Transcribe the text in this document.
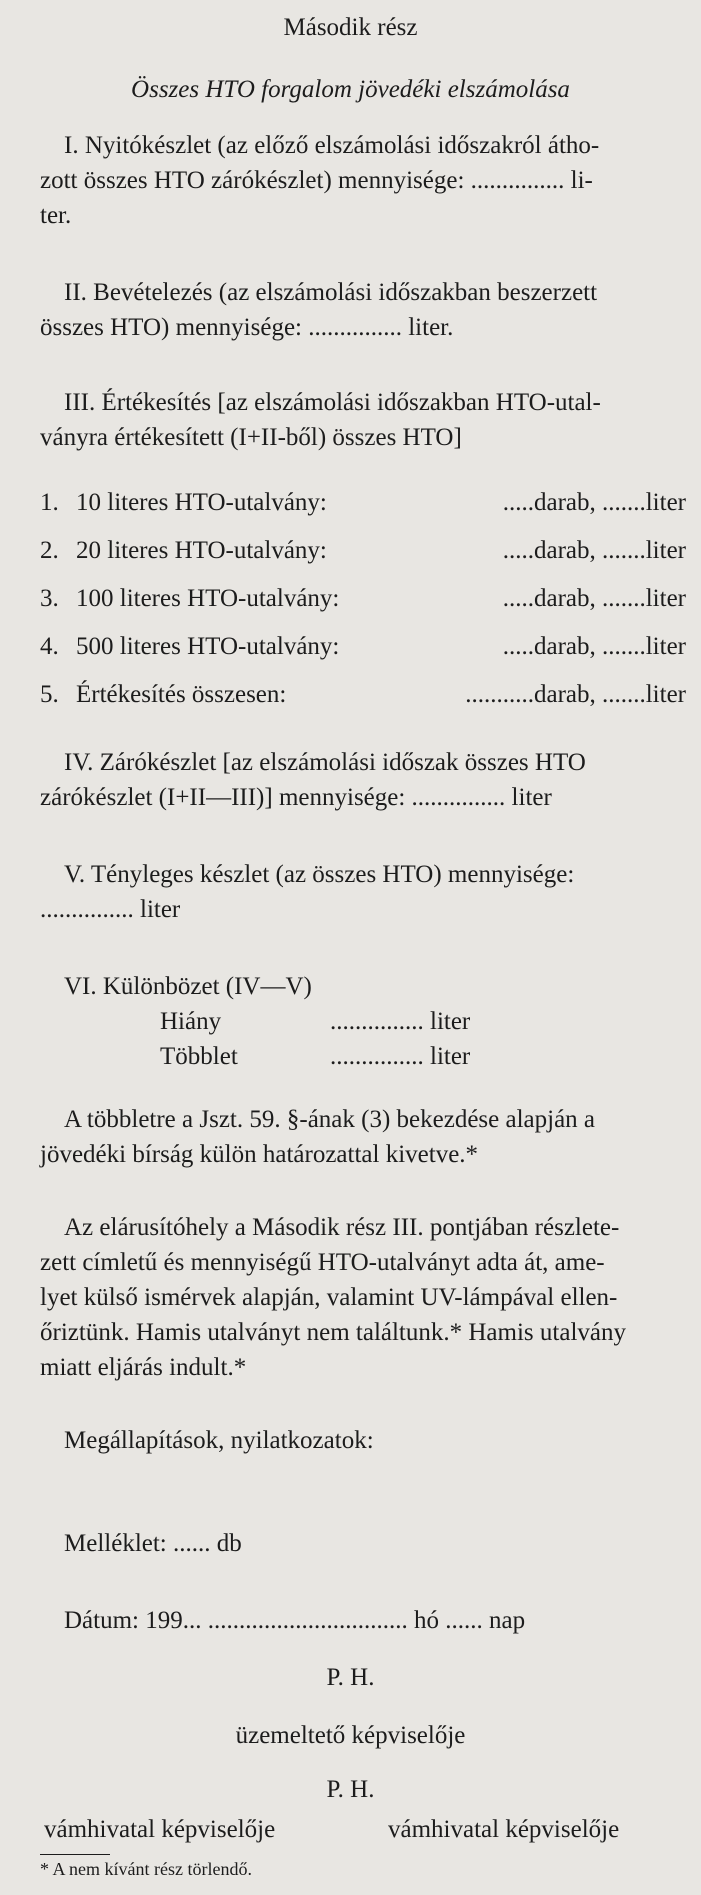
Második rész
Összes HTO forgalom jövedéki elszámolása
I. Nyitókészlet (az előző elszámolási időszakról átho-
zott összes HTO zárókészlet) mennyisége: ............... li-
ter.
II. Bevételezés (az elszámolási időszakban beszerzett
összes HTO) mennyisége: ............... liter.
III. Értékesítés [az elszámolási időszakban HTO-utal-
ványra értékesített (I+II-ből) összes HTO]
1. 10 literes HTO-utalvány:	.....darab, .......liter
2. 20 literes HTO-utalvány:	.....darab, .......liter
3. 100 literes HTO-utalvány:	.....darab, .......liter
4. 500 literes HTO-utalvány:	.....darab, .......liter
5. Értékesítés összesen:	...........darab, .......liter
IV. Zárókészlet [az elszámolási időszak összes HTO
zárókészlet (I+II—III)] mennyisége: ............... liter
V. Tényleges készlet (az összes HTO) mennyisége:
............... liter
VI. Különbözet (IV—V)
Hiány	............... liter
Többlet	............... liter
A többletre a Jszt. 59. §-ának (3) bekezdése alapján a
jövedéki bírság külön határozattal kivetve.*
Az elárusítóhely a Második rész III. pontjában részlete-
zett címletű és mennyiségű HTO-utalványt adta át, ame-
lyet külső ismérvek alapján, valamint UV-lámpával ellen-
őriztünk. Hamis utalványt nem találtunk.* Hamis utalvány
miatt eljárás indult.*
Megállapítások, nyilatkozatok:
Melléklet: ...... db
Dátum: 199... ................................ hó ...... nap
P. H.
üzemeltető képviselője
P. H.
vámhivatal képviselője	vámhivatal képviselője
* A nem kívánt rész törlendő.
